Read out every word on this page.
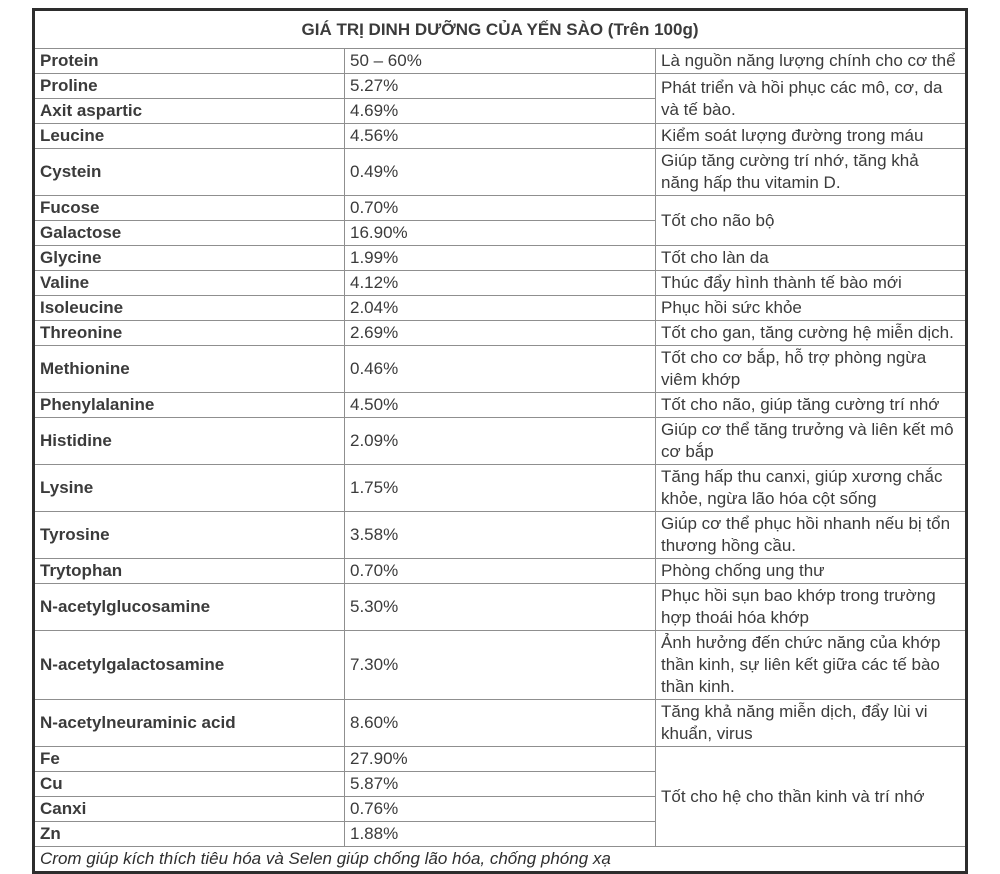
GIÁ TRỊ DINH DƯỠNG CỦA YẾN SÀO (Trên 100g)		
Protein	50 – 60%	Là nguồn năng lượng chính cho cơ thể
Proline	5.27%	Phát triển và hồi phục các mô, cơ, da và tế bào.
Axit aspartic	4.69%	
Leucine	4.56%	Kiểm soát lượng đường trong máu
Cystein	0.49%	Giúp tăng cường trí nhớ, tăng khả năng hấp thu vitamin D.
Fucose	0.70%	Tốt cho não bộ
Galactose	16.90%	
Glycine	1.99%	Tốt cho làn da
Valine	4.12%	Thúc đẩy hình thành tế bào mới
Isoleucine	2.04%	Phục hồi sức khỏe
Threonine	2.69%	Tốt cho gan, tăng cường hệ miễn dịch.
Methionine	0.46%	Tốt cho cơ bắp, hỗ trợ phòng ngừa viêm khớp
Phenylalanine	4.50%	Tốt cho não, giúp tăng cường trí nhớ
Histidine	2.09%	Giúp cơ thể tăng trưởng và liên kết mô cơ bắp
Lysine	1.75%	Tăng hấp thu canxi, giúp xương chắc khỏe, ngừa lão hóa cột sống
Tyrosine	3.58%	Giúp cơ thể phục hồi nhanh nếu bị tổn thương hồng cầu.
Trytophan	0.70%	Phòng chống ung thư
N-acetylglucosamine	5.30%	Phục hồi sụn bao khớp trong trường hợp thoái hóa khớp
N-acetylgalactosamine	7.30%	Ảnh hưởng đến chức năng của khớp thần kinh, sự liên kết giữa các tế bào thần kinh.
N-acetylneuraminic acid	8.60%	Tăng khả năng miễn dịch, đẩy lùi vi khuẩn, virus
Fe	27.90%	Tốt cho hệ cho thần kinh và trí nhớ
Cu	5.87%	
Canxi	0.76%	
Zn	1.88%	
Crom giúp kích thích tiêu hóa và Selen giúp chống lão hóa, chống phóng xạ		
